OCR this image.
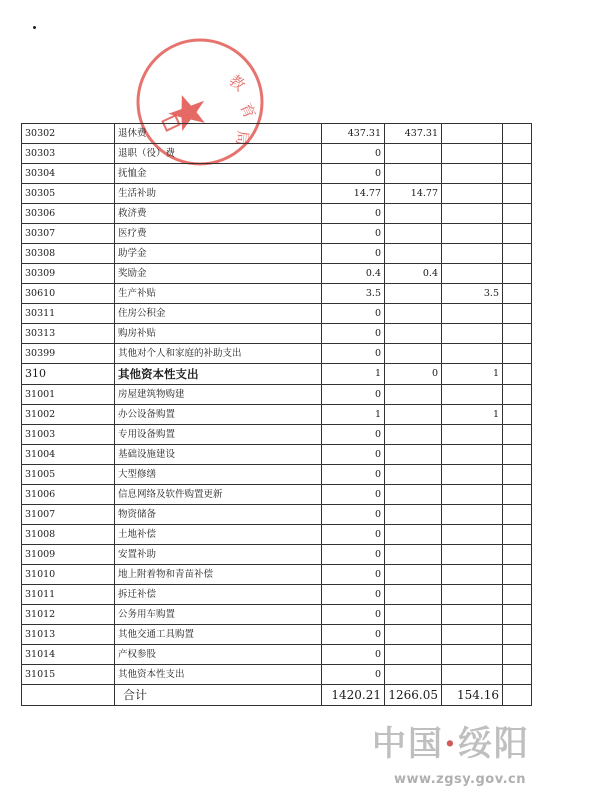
教
育
局
30302	退休费	437.31	437.31		
30303	退职（役）费	0			
30304	抚恤金	0			
30305	生活补助	14.77	14.77		
30306	救济费	0			
30307	医疗费	0			
30308	助学金	0			
30309	奖励金	0.4	0.4		
30610	生产补贴	3.5		3.5	
30311	住房公积金	0			
30313	购房补贴	0			
30399	其他对个人和家庭的补助支出	0			
310	其他资本性支出	1	0	1	
31001	房屋建筑物购建	0			
31002	办公设备购置	1		1	
31003	专用设备购置	0			
31004	基础设施建设	0			
31005	大型修缮	0			
31006	信息网络及软件购置更新	0			
31007	物资储备	0			
31008	土地补偿	0			
31009	安置补助	0			
31010	地上附着物和青苗补偿	0			
31011	拆迁补偿	0			
31012	公务用车购置	0			
31013	其他交通工具购置	0			
31014	产权参股	0			
31015	其他资本性支出	0			
	合计	1420.21	1266.05	154.16	
中国·绥阳
www.zgsy.gov.cn
